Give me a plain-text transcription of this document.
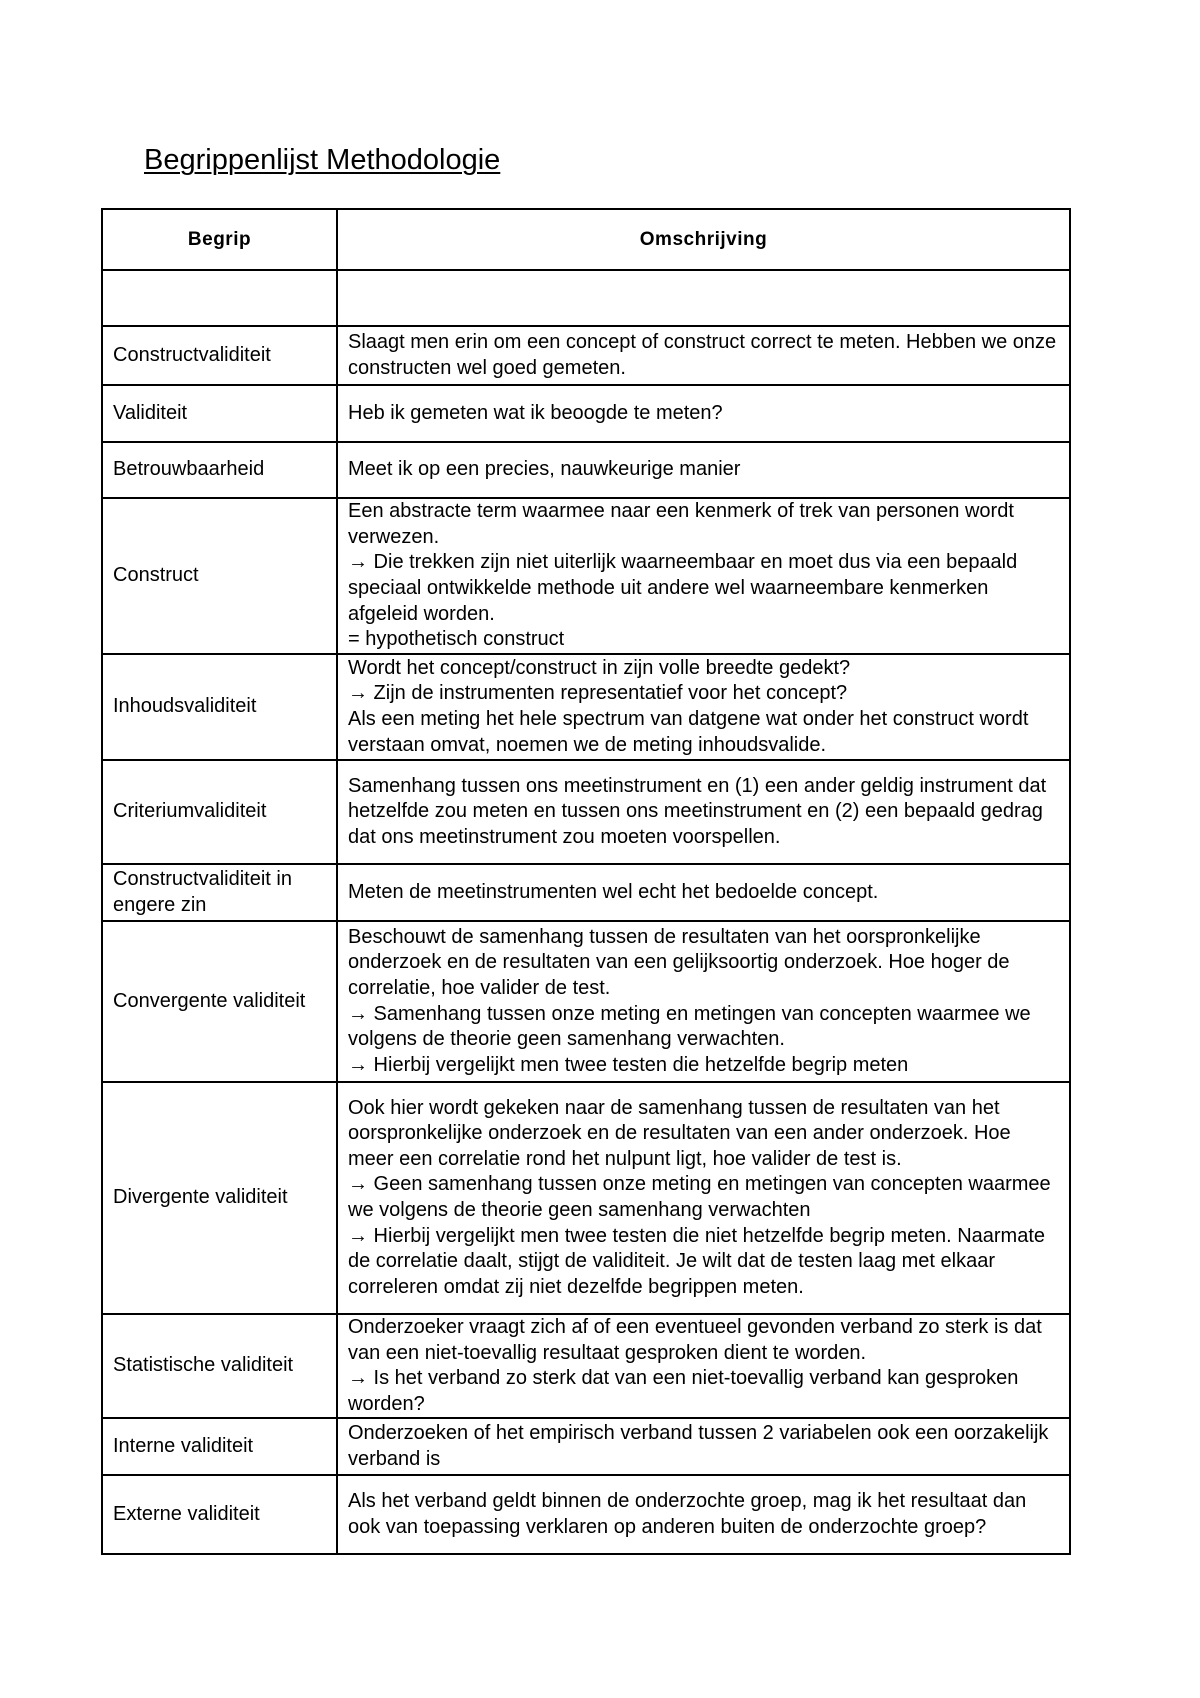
Begrippenlijst Methodologie
Begrip	Omschrijving

Constructvaliditeit	Slaagt men erin om een concept of construct correct te meten. Hebben we onze constructen wel goed gemeten.

Validiteit	Heb ik gemeten wat ik beoogde te meten?

Betrouwbaarheid	Meet ik op een precies, nauwkeurige manier

Construct	Een abstracte term waarmee naar een kenmerk of trek van personen wordt verwezen.
→ Die trekken zijn niet uiterlijk waarneembaar en moet dus via een bepaald speciaal ontwikkelde methode uit andere wel waarneembare kenmerken afgeleid worden.
= hypothetisch construct

Inhoudsvaliditeit	Wordt het concept/construct in zijn volle breedte gedekt?
→ Zijn de instrumenten representatief voor het concept?
Als een meting het hele spectrum van datgene wat onder het construct wordt verstaan omvat, noemen we de meting inhoudsvalide.

Criteriumvaliditeit	Samenhang tussen ons meetinstrument en (1) een ander geldig instrument dat hetzelfde zou meten en tussen ons meetinstrument en (2) een bepaald gedrag dat ons meetinstrument zou moeten voorspellen.

Constructvaliditeit in engere zin	Meten de meetinstrumenten wel echt het bedoelde concept.

Convergente validiteit	Beschouwt de samenhang tussen de resultaten van het oorspronkelijke onderzoek en de resultaten van een gelijksoortig onderzoek. Hoe hoger de correlatie, hoe valider de test.
→ Samenhang tussen onze meting en metingen van concepten waarmee we volgens de theorie geen samenhang verwachten.
→ Hierbij vergelijkt men twee testen die hetzelfde begrip meten

Divergente validiteit	Ook hier wordt gekeken naar de samenhang tussen de resultaten van het oorspronkelijke onderzoek en de resultaten van een ander onderzoek. Hoe meer een correlatie rond het nulpunt ligt, hoe valider de test is.
→ Geen samenhang tussen onze meting en metingen van concepten waarmee we volgens de theorie geen samenhang verwachten
→ Hierbij vergelijkt men twee testen die niet hetzelfde begrip meten. Naarmate de correlatie daalt, stijgt de validiteit. Je wilt dat de testen laag met elkaar correleren omdat zij niet dezelfde begrippen meten.

Statistische validiteit	Onderzoeker vraagt zich af of een eventueel gevonden verband zo sterk is dat van een niet-toevallig resultaat gesproken dient te worden.
→ Is het verband zo sterk dat van een niet-toevallig verband kan gesproken worden?

Interne validiteit	Onderzoeken of het empirisch verband tussen 2 variabelen ook een oorzakelijk verband is

Externe validiteit	Als het verband geldt binnen de onderzochte groep, mag ik het resultaat dan ook van toepassing verklaren op anderen buiten de onderzochte groep?
